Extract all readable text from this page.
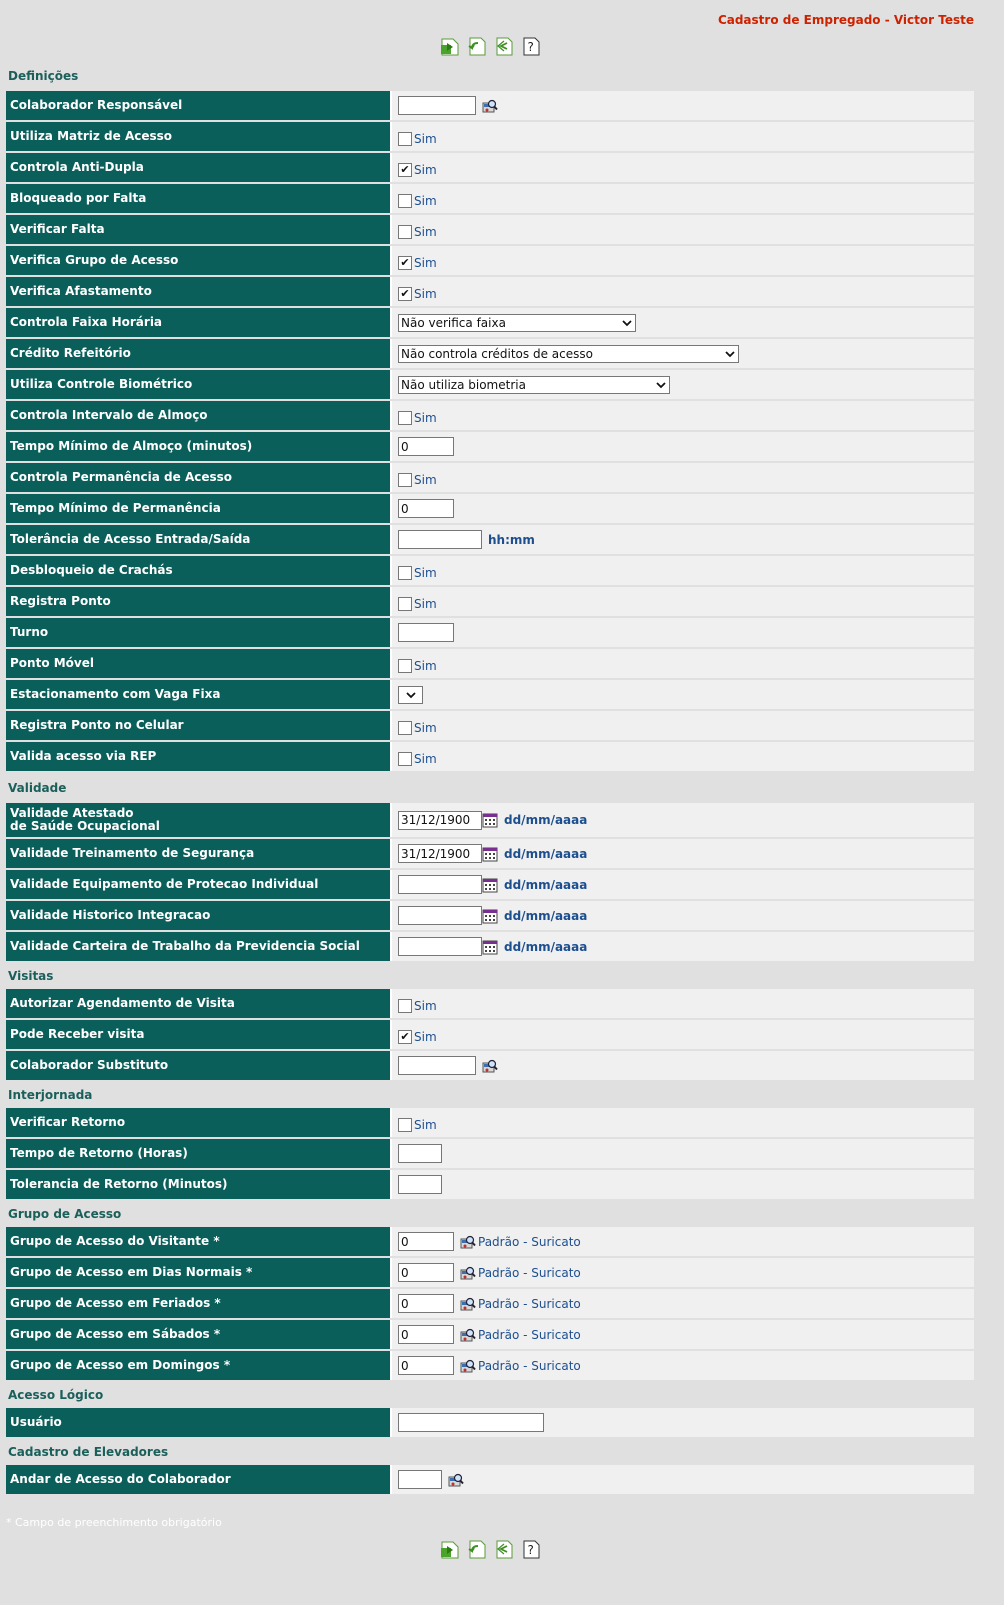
Cadastro de Empregado - Victor Teste
Definições
Colaborador Responsável
Utiliza Matriz de Acesso	Sim
Controla Anti-Dupla	✔ Sim
Bloqueado por Falta	Sim
Verificar Falta	Sim
Verifica Grupo de Acesso	✔ Sim
Verifica Afastamento	✔ Sim
Controla Faixa Horária	Não verifica faixa
Crédito Refeitório	Não controla créditos de acesso
Utiliza Controle Biométrico	Não utiliza biometria
Controla Intervalo de Almoço	Sim
Tempo Mínimo de Almoço (minutos)	0
Controla Permanência de Acesso	Sim
Tempo Mínimo de Permanência	0
Tolerância de Acesso Entrada/Saída	hh:mm
Desbloqueio de Crachás	Sim
Registra Ponto	Sim
Turno
Ponto Móvel	Sim
Estacionamento com Vaga Fixa
Registra Ponto no Celular	Sim
Valida acesso via REP	Sim
Validade
Validade Atestado
de Saúde Ocupacional	31/12/1900	dd/mm/aaaa
Validade Treinamento de Segurança	31/12/1900	dd/mm/aaaa
Validade Equipamento de Protecao Individual	dd/mm/aaaa
Validade Historico Integracao	dd/mm/aaaa
Validade Carteira de Trabalho da Previdencia Social	dd/mm/aaaa
Visitas
Autorizar Agendamento de Visita	Sim
Pode Receber visita	✔ Sim
Colaborador Substituto
Interjornada
Verificar Retorno	Sim
Tempo de Retorno (Horas)
Tolerancia de Retorno (Minutos)
Grupo de Acesso
Grupo de Acesso do Visitante *	0	Padrão - Suricato
Grupo de Acesso em Dias Normais *	0	Padrão - Suricato
Grupo de Acesso em Feriados *	0	Padrão - Suricato
Grupo de Acesso em Sábados *	0	Padrão - Suricato
Grupo de Acesso em Domingos *	0	Padrão - Suricato
Acesso Lógico
Usuário
Cadastro de Elevadores
Andar de Acesso do Colaborador
* Campo de preenchimento obrigatório
